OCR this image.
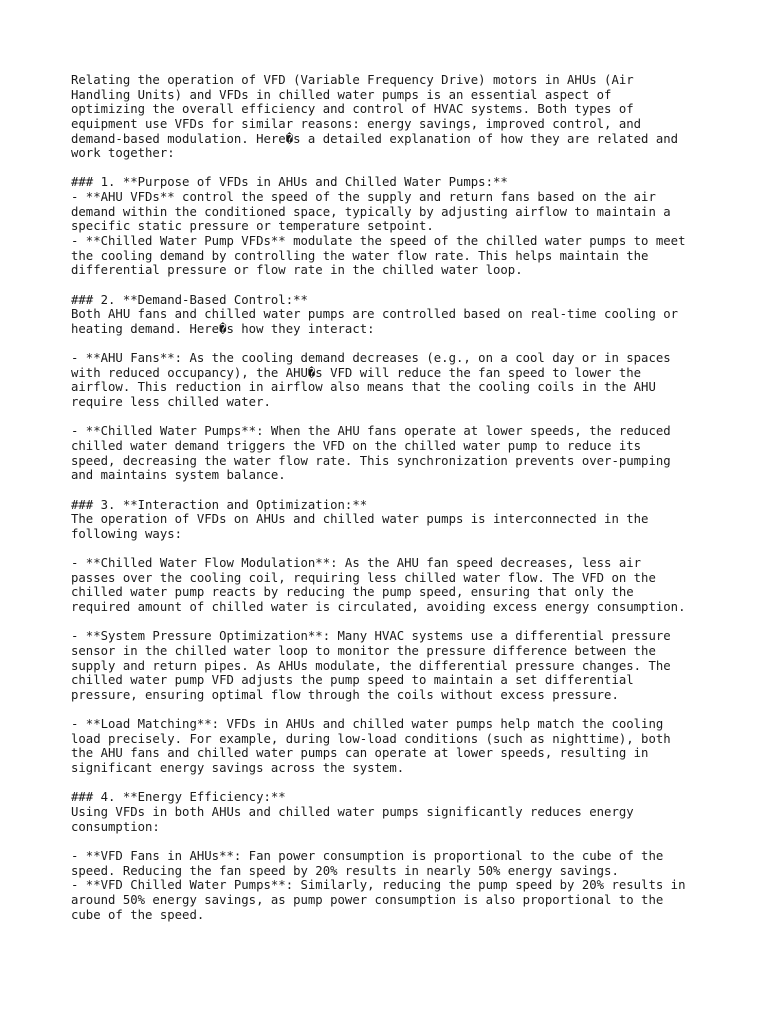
Relating the operation of VFD (Variable Frequency Drive) motors in AHUs (Air
Handling Units) and VFDs in chilled water pumps is an essential aspect of
optimizing the overall efficiency and control of HVAC systems. Both types of
equipment use VFDs for similar reasons: energy savings, improved control, and
demand-based modulation. Here�s a detailed explanation of how they are related and
work together:
### 1. **Purpose of VFDs in AHUs and Chilled Water Pumps:**
- **AHU VFDs** control the speed of the supply and return fans based on the air
demand within the conditioned space, typically by adjusting airflow to maintain a
specific static pressure or temperature setpoint.
- **Chilled Water Pump VFDs** modulate the speed of the chilled water pumps to meet
the cooling demand by controlling the water flow rate. This helps maintain the
differential pressure or flow rate in the chilled water loop.
### 2. **Demand-Based Control:**
Both AHU fans and chilled water pumps are controlled based on real-time cooling or
heating demand. Here�s how they interact:
- **AHU Fans**: As the cooling demand decreases (e.g., on a cool day or in spaces
with reduced occupancy), the AHU�s VFD will reduce the fan speed to lower the
airflow. This reduction in airflow also means that the cooling coils in the AHU
require less chilled water.
- **Chilled Water Pumps**: When the AHU fans operate at lower speeds, the reduced
chilled water demand triggers the VFD on the chilled water pump to reduce its
speed, decreasing the water flow rate. This synchronization prevents over-pumping
and maintains system balance.
### 3. **Interaction and Optimization:**
The operation of VFDs on AHUs and chilled water pumps is interconnected in the
following ways:
- **Chilled Water Flow Modulation**: As the AHU fan speed decreases, less air
passes over the cooling coil, requiring less chilled water flow. The VFD on the
chilled water pump reacts by reducing the pump speed, ensuring that only the
required amount of chilled water is circulated, avoiding excess energy consumption.
- **System Pressure Optimization**: Many HVAC systems use a differential pressure
sensor in the chilled water loop to monitor the pressure difference between the
supply and return pipes. As AHUs modulate, the differential pressure changes. The
chilled water pump VFD adjusts the pump speed to maintain a set differential
pressure, ensuring optimal flow through the coils without excess pressure.
- **Load Matching**: VFDs in AHUs and chilled water pumps help match the cooling
load precisely. For example, during low-load conditions (such as nighttime), both
the AHU fans and chilled water pumps can operate at lower speeds, resulting in
significant energy savings across the system.
### 4. **Energy Efficiency:**
Using VFDs in both AHUs and chilled water pumps significantly reduces energy
consumption:
- **VFD Fans in AHUs**: Fan power consumption is proportional to the cube of the
speed. Reducing the fan speed by 20% results in nearly 50% energy savings.
- **VFD Chilled Water Pumps**: Similarly, reducing the pump speed by 20% results in
around 50% energy savings, as pump power consumption is also proportional to the
cube of the speed.
